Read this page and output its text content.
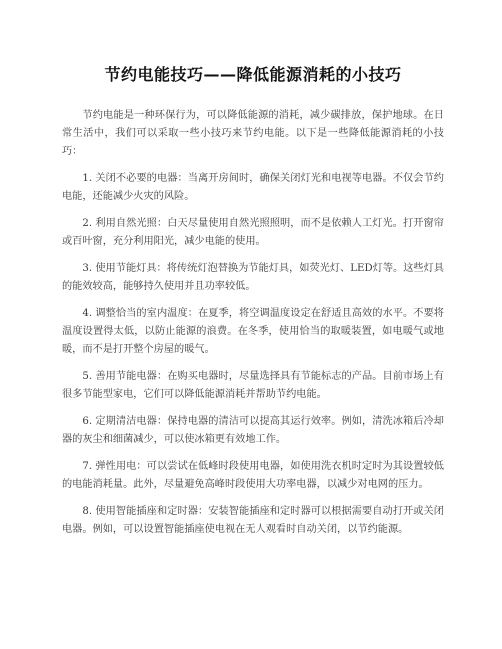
节约电能技巧——降低能源消耗的小技巧

节约电能是一种环保行为，可以降低能源的消耗，减少碳排放，保护地球。在日常生活中，我们可以采取一些小技巧来节约电能。以下是一些降低能源消耗的小技巧：

1. 关闭不必要的电器：当离开房间时，确保关闭灯光和电视等电器。不仅会节约电能，还能减少火灾的风险。

2. 利用自然光照：白天尽量使用自然光照照明，而不是依赖人工灯光。打开窗帘或百叶窗，充分利用阳光，减少电能的使用。

3. 使用节能灯具：将传统灯泡替换为节能灯具，如荧光灯、LED灯等。这些灯具的能效较高，能够持久使用并且功率较低。

4. 调整恰当的室内温度：在夏季，将空调温度设定在舒适且高效的水平。不要将温度设置得太低，以防止能源的浪费。在冬季，使用恰当的取暖装置，如电暖气或地暖，而不是打开整个房屋的暖气。

5. 善用节能电器：在购买电器时，尽量选择具有节能标志的产品。目前市场上有很多节能型家电，它们可以降低能源消耗并帮助节约电能。

6. 定期清洁电器：保持电器的清洁可以提高其运行效率。例如，清洗冰箱后冷却器的灰尘和细菌减少，可以使冰箱更有效地工作。

7. 弹性用电：可以尝试在低峰时段使用电器，如使用洗衣机时定时为其设置较低的电能消耗量。此外，尽量避免高峰时段使用大功率电器，以减少对电网的压力。

8. 使用智能插座和定时器：安装智能插座和定时器可以根据需要自动打开或关闭电器。例如，可以设置智能插座使电视在无人观看时自动关闭，以节约能源。
